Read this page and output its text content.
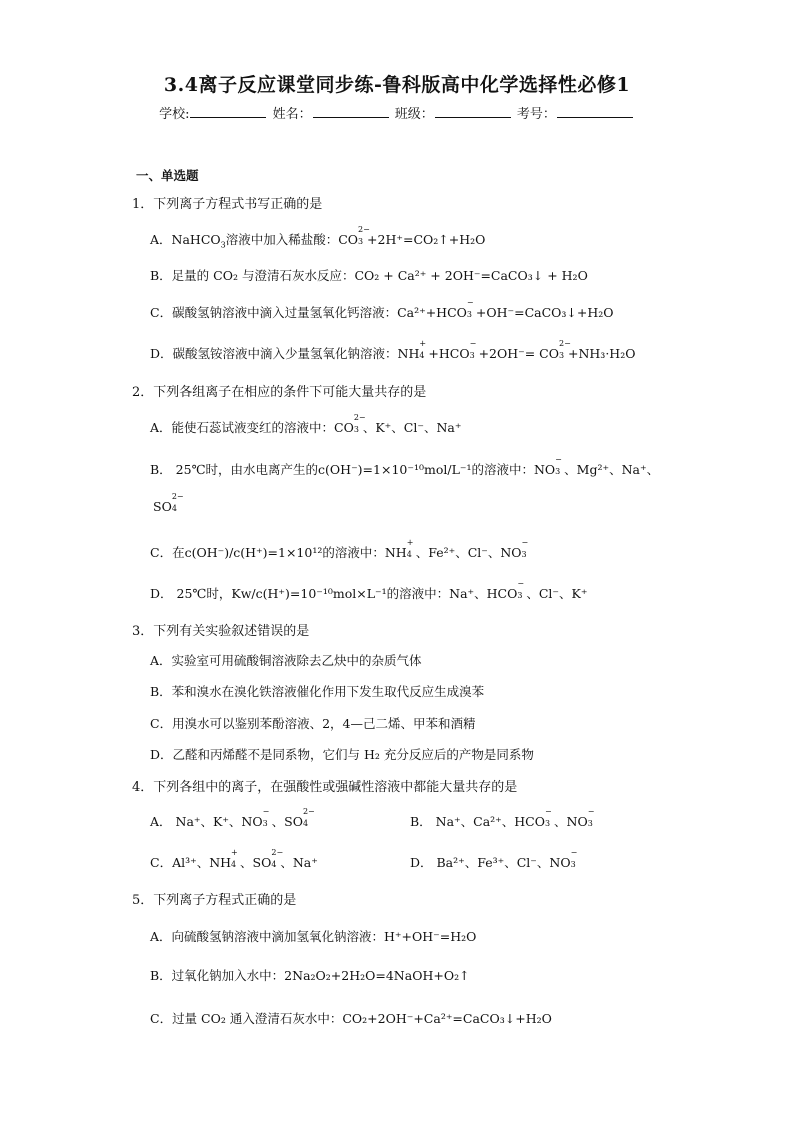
3.4离子反应课堂同步练-鲁科版高中化学选择性必修1
学校:	姓名：	班级：	考号：
一、单选题
1．下列离子方程式书写正确的是
A．NaHCO$_3$溶液中加入稀盐酸：CO
2−
3 +2H⁺=CO₂↑+H₂O
B．足量的 CO₂ 与澄清石灰水反应：CO₂ + Ca²⁺ + 2OH⁻=CaCO₃↓ + H₂O
C．碳酸氢钠溶液中滴入过量氢氧化钙溶液：Ca²⁺+HCO
−
3 +OH⁻=CaCO₃↓+H₂O
D．碳酸氢铵溶液中滴入少量氢氧化钠溶液：NH
+
4 +HCO
−
3 +2OH⁻= CO
2−
3 +NH₃·H₂O
2．下列各组离子在相应的条件下可能大量共存的是
A．能使石蕊试液变红的溶液中：CO
2−
3 、K⁺、Cl⁻、Na⁺
B． 25℃时，由水电离产生的c(OH⁻)=1×10⁻¹⁰mol/L⁻¹的溶液中：NO
−
3 、Mg²⁺、Na⁺、
SO
2−
4
C．在c(OH⁻)/c(H⁺)=1×10¹²的溶液中：NH
+
4 、Fe²⁺、Cl⁻、NO
−
3
D． 25℃时，Kw/c(H⁺)=10⁻¹⁰mol×L⁻¹的溶液中：Na⁺、HCO
−
3 、Cl⁻、K⁺
3．下列有关实验叙述错误的是
A．实验室可用硫酸铜溶液除去乙炔中的杂质气体
B．苯和溴水在溴化铁溶液催化作用下发生取代反应生成溴苯
C．用溴水可以鉴别苯酚溶液、2，4—己二烯、甲苯和酒精
D．乙醛和丙烯醛不是同系物，它们与 H₂ 充分反应后的产物是同系物
4．下列各组中的离子，在强酸性或强碱性溶液中都能大量共存的是
A． Na⁺、K⁺、NO
−
3 、SO
2−
4	B． Na⁺、Ca²⁺、HCO
−
3 、NO
−
3
C．Al³⁺、NH
+
4 、SO
2−
4 、Na⁺	D． Ba²⁺、Fe³⁺、Cl⁻、NO
−
3
5．下列离子方程式正确的是
A．向硫酸氢钠溶液中滴加氢氧化钠溶液：H⁺+OH⁻=H₂O
B．过氧化钠加入水中：2Na₂O₂+2H₂O=4NaOH+O₂↑
C．过量 CO₂ 通入澄清石灰水中：CO₂+2OH⁻+Ca²⁺=CaCO₃↓+H₂O
